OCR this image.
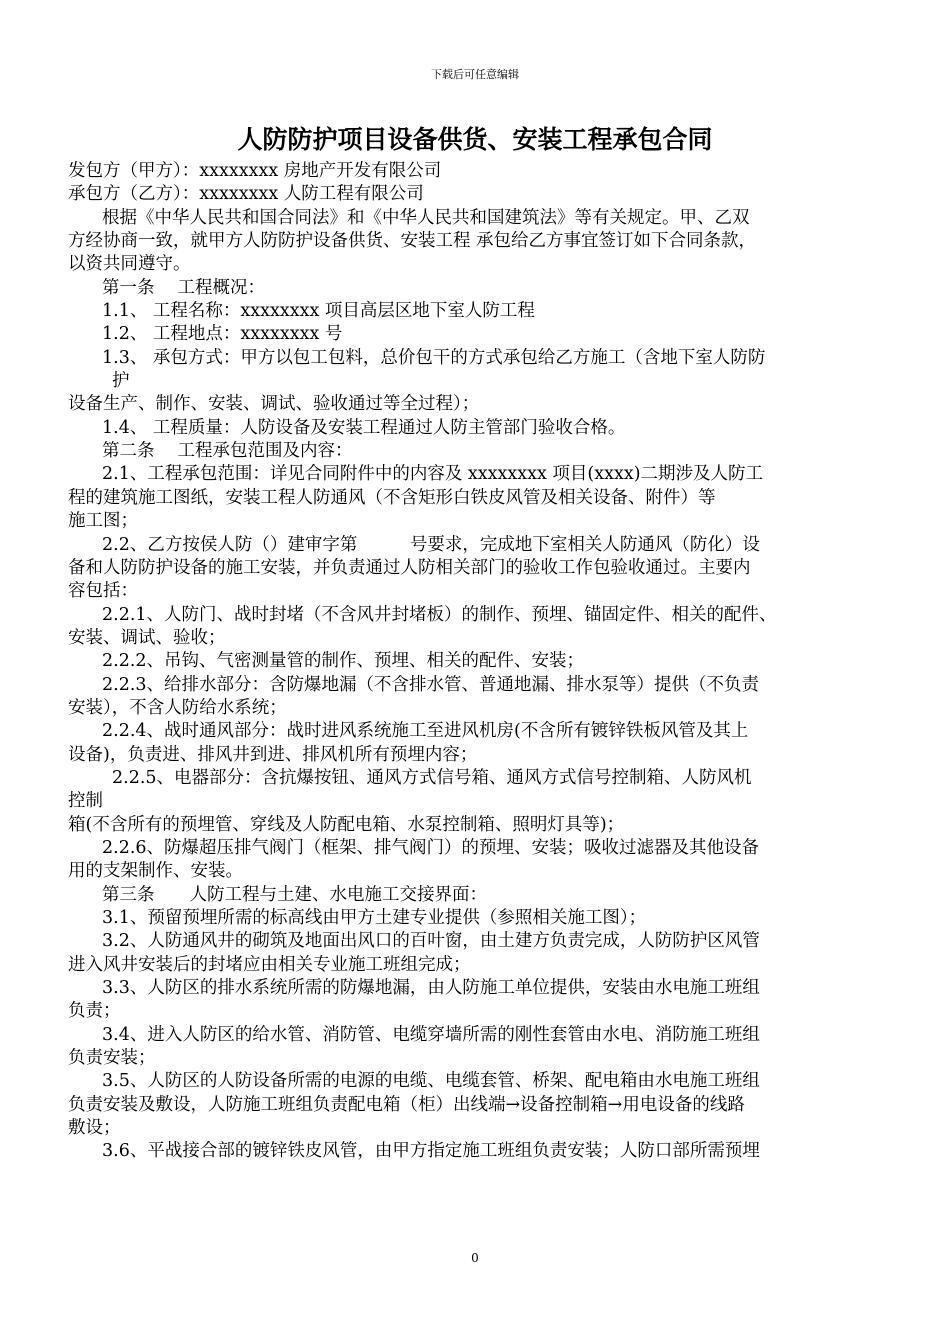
下载后可任意编辑
人防防护项目设备供货、安装工程承包合同
发包方（甲方）：xxxxxxxx 房地产开发有限公司
承包方（乙方）：xxxxxxxx 人防工程有限公司
根据《中华人民共和国合同法》和《中华人民共和国建筑法》等有关规定。甲、乙双
方经协商一致，就甲方人防防护设备供货、安装工程 承包给乙方事宜签订如下合同条款，
以资共同遵守。
第一条　 工程概况：
1.1、 工程名称：xxxxxxxx 项目高层区地下室人防工程
1.2、 工程地点：xxxxxxxx 号
1.3、 承包方式：甲方以包工包料，总价包干的方式承包给乙方施工（含地下室人防防
护
设备生产、制作、安装、调试、验收通过等全过程）；
1.4、 工程质量：人防设备及安装工程通过人防主管部门验收合格。
第二条　 工程承包范围及内容：
2.1、工程承包范围：详见合同附件中的内容及 xxxxxxxx 项目(xxxx)二期涉及人防工
程的建筑施工图纸，安装工程人防通风（不含矩形白铁皮风管及相关设备、附件）等
施工图；
2.2、乙方按侯人防（）建审字第　　　号要求，完成地下室相关人防通风（防化）设
备和人防防护设备的施工安装，并负责通过人防相关部门的验收工作包验收通过。主要内
容包括：
2.2.1、人防门、战时封堵（不含风井封堵板）的制作、预埋、锚固定件、相关的配件、
安装、调试、验收；
2.2.2、吊钩、气密测量管的制作、预埋、相关的配件、安装；
2.2.3、给排水部分：含防爆地漏（不含排水管、普通地漏、排水泵等）提供（不负责
安装），不含人防给水系统；
2.2.4、战时通风部分：战时进风系统施工至进风机房(不含所有镀锌铁板风管及其上
设备)，负责进、排风井到进、排风机所有预埋内容；
2.2.5、电器部分：含抗爆按钮、通风方式信号箱、通风方式信号控制箱、人防风机
控制
箱(不含所有的预埋管、穿线及人防配电箱、水泵控制箱、照明灯具等)；
2.2.6、防爆超压排气阀门（框架、排气阀门）的预埋、安装；吸收过滤器及其他设备
用的支架制作、安装。
第三条　　人防工程与土建、水电施工交接界面：
3.1、预留预埋所需的标高线由甲方土建专业提供（参照相关施工图）；
3.2、人防通风井的砌筑及地面出风口的百叶窗，由土建方负责完成，人防防护区风管
进入风井安装后的封堵应由相关专业施工班组完成；
3.3、人防区的排水系统所需的防爆地漏，由人防施工单位提供，安装由水电施工班组
负责；
3.4、进入人防区的给水管、消防管、电缆穿墙所需的刚性套管由水电、消防施工班组
负责安装；
3.5、人防区的人防设备所需的电源的电缆、电缆套管、桥架、配电箱由水电施工班组
负责安装及敷设，人防施工班组负责配电箱（柜）出线端→设备控制箱→用电设备的线路
敷设；
3.6、平战接合部的镀锌铁皮风管，由甲方指定施工班组负责安装；人防口部所需预埋
0
